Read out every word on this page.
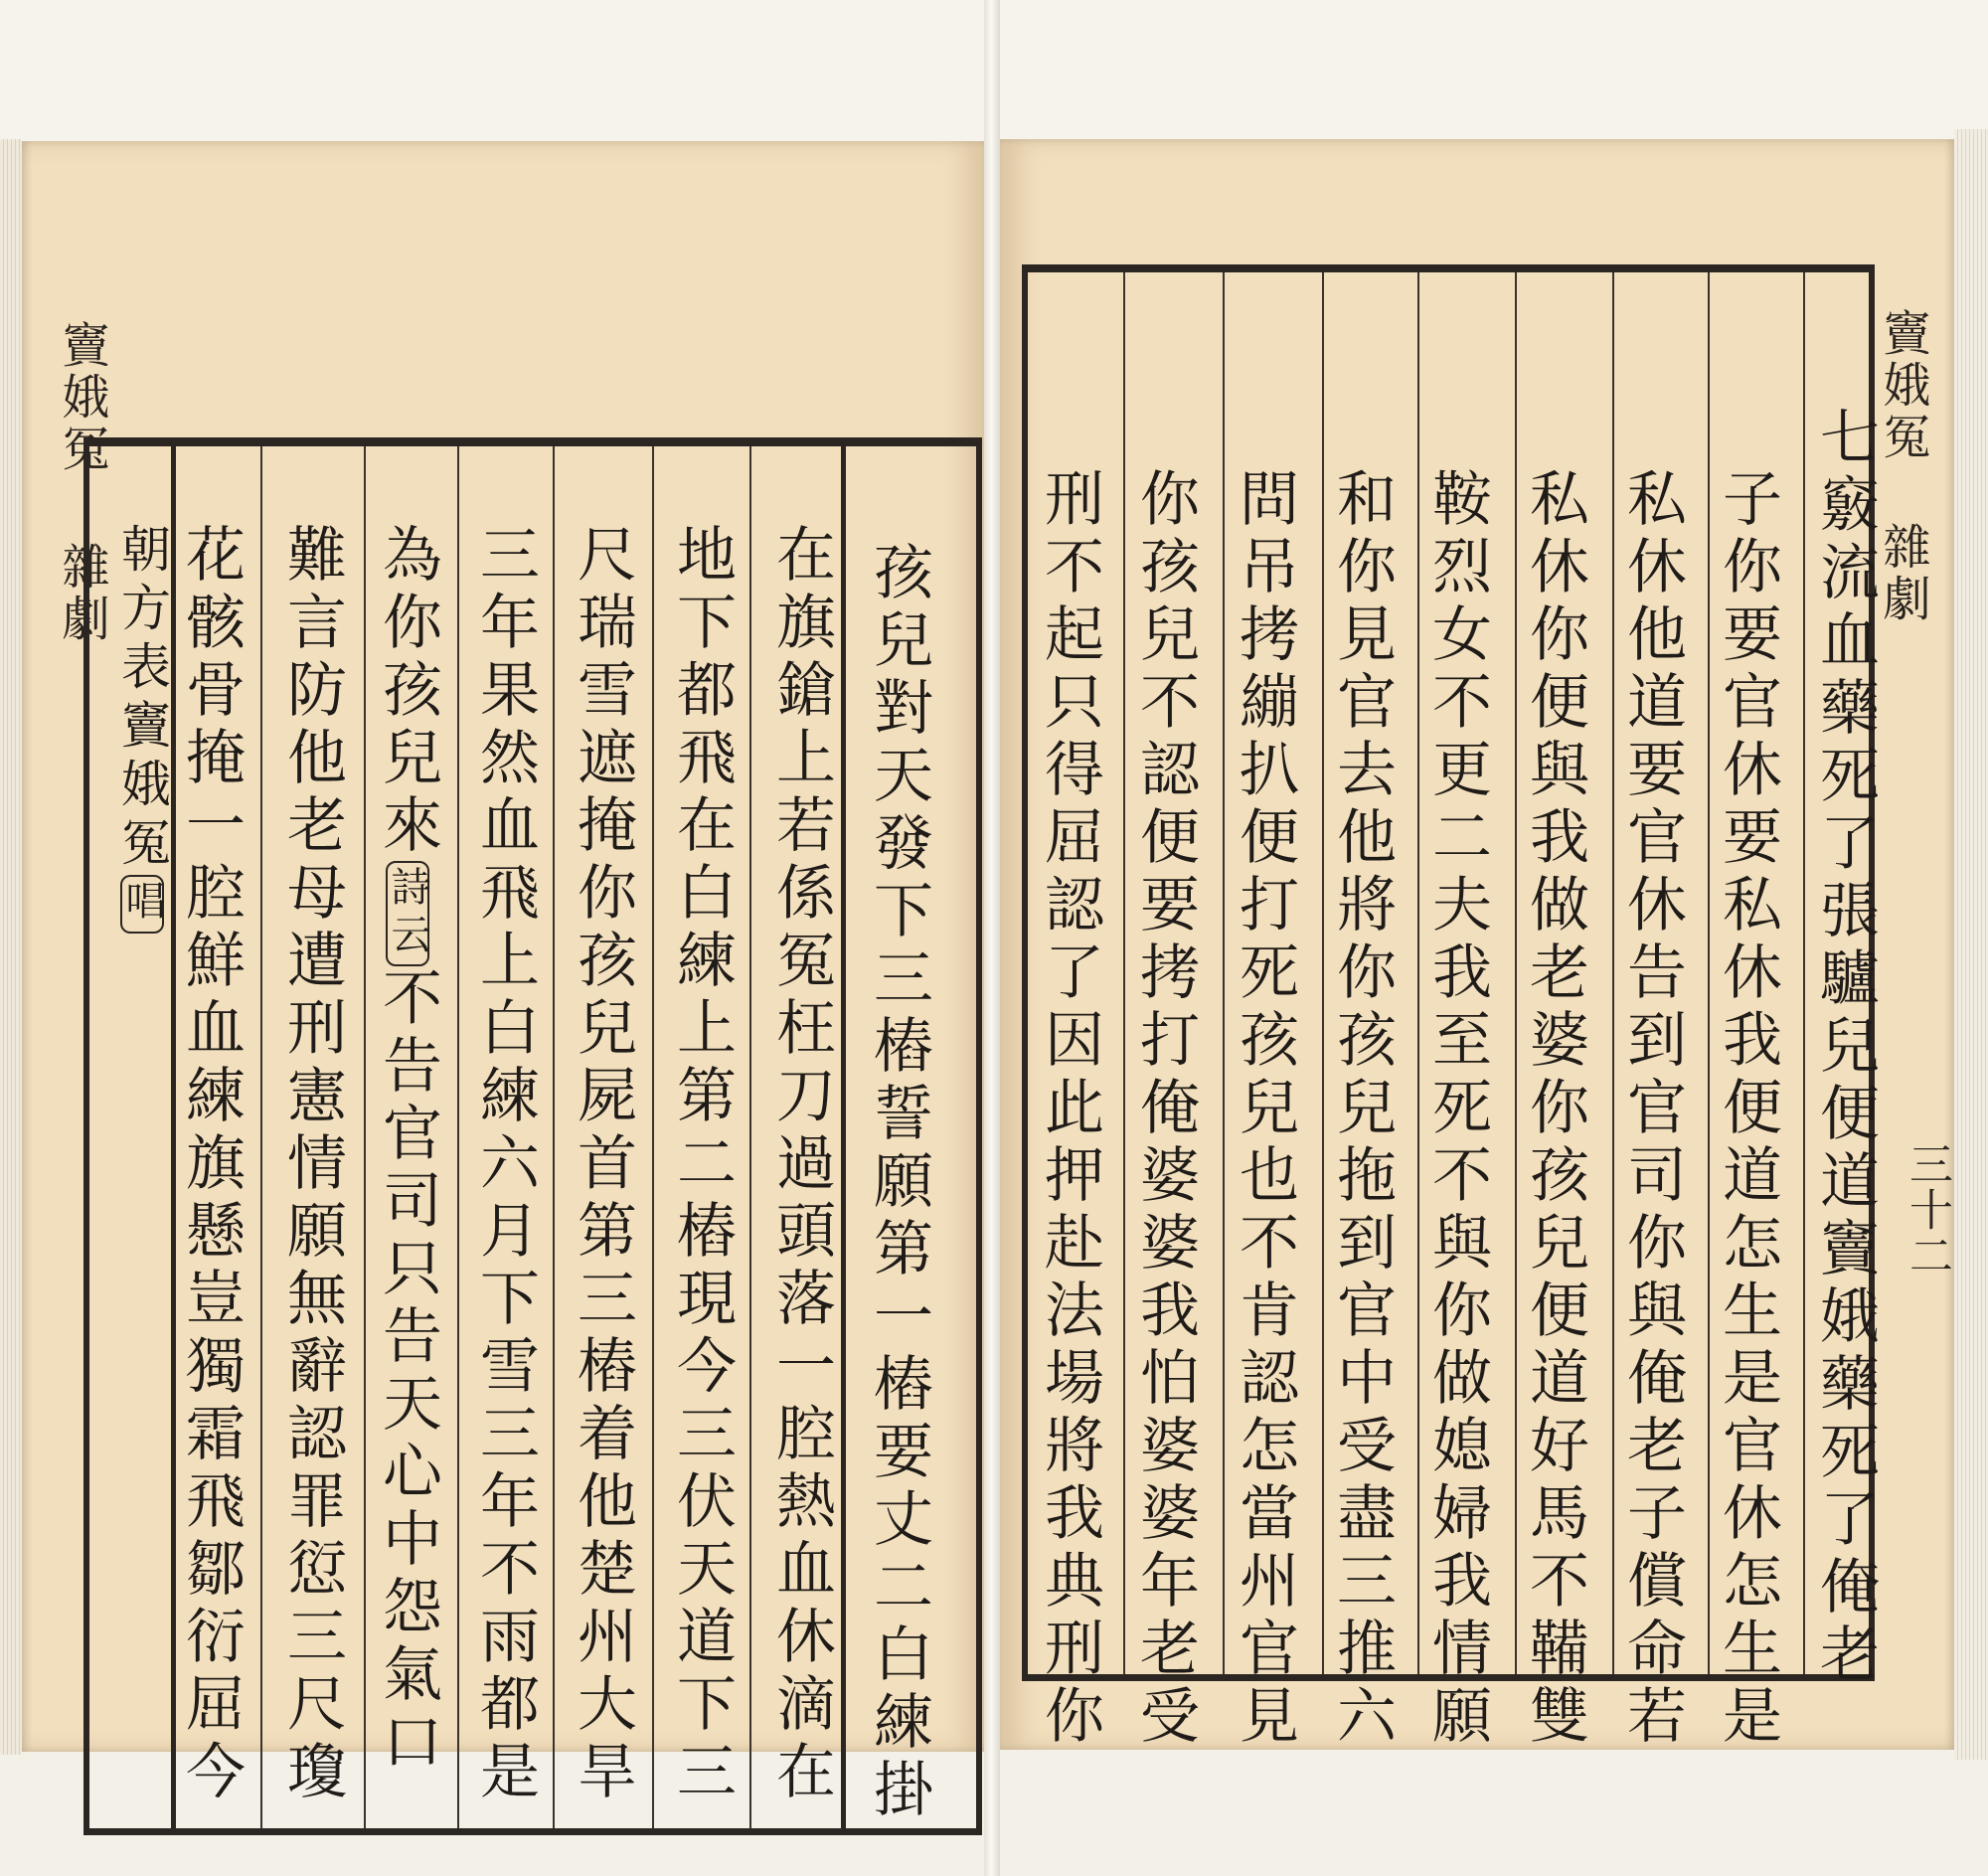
竇娥冤  雜劇	孩兒對天發下三樁誓願第一樁要丈二白練掛
在旗鎗上若係冤枉刀過頭落一腔熱血休滴在
地下都飛在白練上第二樁現今三伏天道下三
尺瑞雪遮掩你孩兒屍首第三樁着他楚州大旱
三年果然血飛上白練六月下雪三年不雨都是
為你孩兒來詩云不告官司只告天心中怨氣口
難言防他老母遭刑憲情願無辭認罪愆三尺瓊
花骸骨掩一腔鮮血練旗懸豈獨霜飛鄒衍屈今
朝方表竇娥冤唱
竇娥冤  雜劇
三十二
七竅流血藥死了張驢兒便道竇娥藥死了俺老
子你要官休要私休我便道怎生是官休怎生是
私休他道要官休告到官司你與俺老子償命若
私休你便與我做老婆你孩兒便道好馬不鞴雙
鞍烈女不更二夫我至死不與你做媳婦我情願
和你見官去他將你孩兒拖到官中受盡三推六
問吊拷繃扒便打死孩兒也不肯認怎當州官見
你孩兒不認便要拷打俺婆婆我怕婆婆年老受
刑不起只得屈認了因此押赴法場將我典刑你
